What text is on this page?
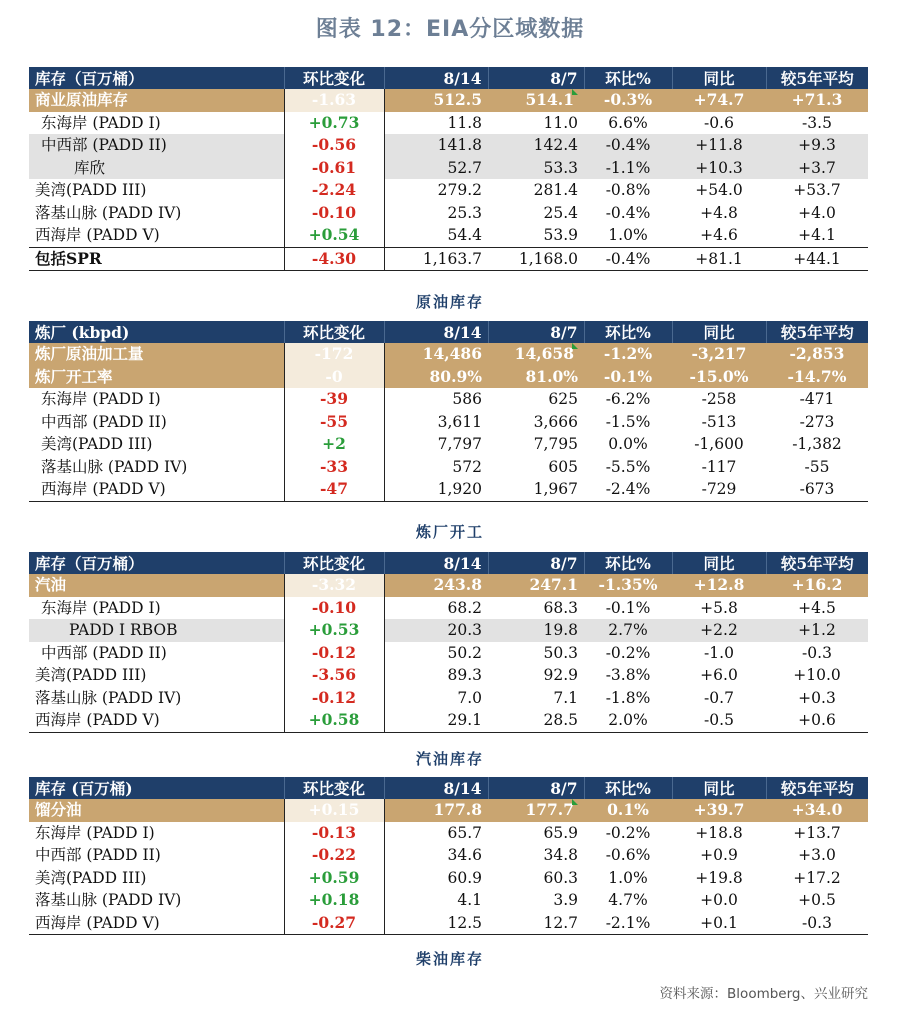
图表 12：EIA分区域数据
库存（百万桶）	环比变化	8/14	8/7	环比%	同比	较5年平均
商业原油库存	-1.63	512.5	514.1	-0.3%	+74.7	+71.3
东海岸 (PADD I)	+0.73	11.8	11.0	6.6%	-0.6	-3.5
中西部 (PADD II)	-0.56	141.8	142.4	-0.4%	+11.8	+9.3
库欣	-0.61	52.7	53.3	-1.1%	+10.3	+3.7
美湾(PADD III)	-2.24	279.2	281.4	-0.8%	+54.0	+53.7
落基山脉 (PADD IV)	-0.10	25.3	25.4	-0.4%	+4.8	+4.0
西海岸 (PADD V)	+0.54	54.4	53.9	1.0%	+4.6	+4.1
包括SPR	-4.30	1,163.7	1,168.0	-0.4%	+81.1	+44.1
原油库存
炼厂 (kbpd)	环比变化	8/14	8/7	环比%	同比	较5年平均
炼厂原油加工量	-172	14,486	14,658	-1.2%	-3,217	-2,853
炼厂开工率	-0	80.9%	81.0%	-0.1%	-15.0%	-14.7%
东海岸 (PADD I)	-39	586	625	-6.2%	-258	-471
中西部 (PADD II)	-55	3,611	3,666	-1.5%	-513	-273
美湾(PADD III)	+2	7,797	7,795	0.0%	-1,600	-1,382
落基山脉 (PADD IV)	-33	572	605	-5.5%	-117	-55
西海岸 (PADD V)	-47	1,920	1,967	-2.4%	-729	-673
炼厂开工
库存（百万桶）	环比变化	8/14	8/7	环比%	同比	较5年平均
汽油	-3.32	243.8	247.1	-1.35%	+12.8	+16.2
东海岸 (PADD I)	-0.10	68.2	68.3	-0.1%	+5.8	+4.5
PADD I RBOB	+0.53	20.3	19.8	2.7%	+2.2	+1.2
中西部 (PADD II)	-0.12	50.2	50.3	-0.2%	-1.0	-0.3
美湾(PADD III)	-3.56	89.3	92.9	-3.8%	+6.0	+10.0
落基山脉 (PADD IV)	-0.12	7.0	7.1	-1.8%	-0.7	+0.3
西海岸 (PADD V)	+0.58	29.1	28.5	2.0%	-0.5	+0.6
汽油库存
库存 (百万桶)	环比变化	8/14	8/7	环比%	同比	较5年平均
馏分油	+0.15	177.8	177.7	0.1%	+39.7	+34.0
东海岸 (PADD I)	-0.13	65.7	65.9	-0.2%	+18.8	+13.7
中西部 (PADD II)	-0.22	34.6	34.8	-0.6%	+0.9	+3.0
美湾(PADD III)	+0.59	60.9	60.3	1.0%	+19.8	+17.2
落基山脉 (PADD IV)	+0.18	4.1	3.9	4.7%	+0.0	+0.5
西海岸 (PADD V)	-0.27	12.5	12.7	-2.1%	+0.1	-0.3
柴油库存
资料来源：Bloomberg、兴业研究
